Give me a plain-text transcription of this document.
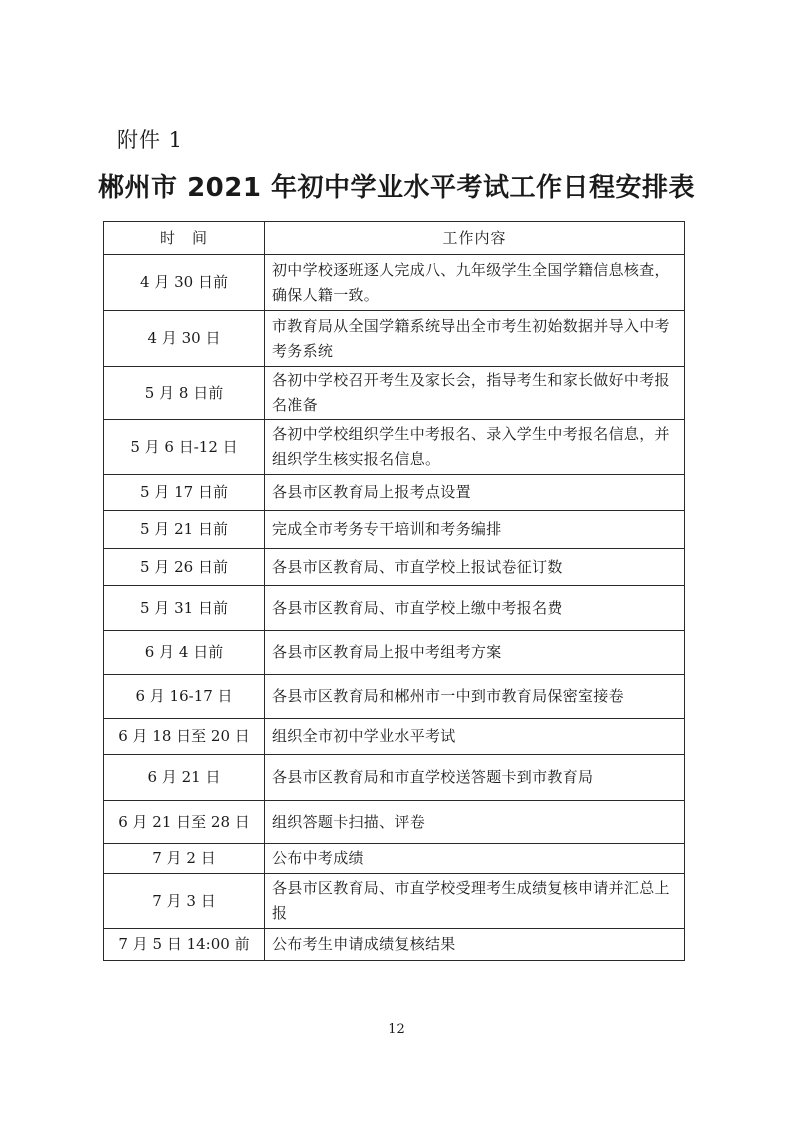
附件 1
郴州市 2021 年初中学业水平考试工作日程安排表
时　间	工作内容
4 月 30 日前	初中学校逐班逐人完成八、九年级学生全国学籍信息核查，确保人籍一致。
4 月 30 日	市教育局从全国学籍系统导出全市考生初始数据并导入中考考务系统
5 月 8 日前	各初中学校召开考生及家长会，指导考生和家长做好中考报名准备
5 月 6 日-12 日	各初中学校组织学生中考报名、录入学生中考报名信息，并组织学生核实报名信息。
5 月 17 日前	各县市区教育局上报考点设置
5 月 21 日前	完成全市考务专干培训和考务编排
5 月 26 日前	各县市区教育局、市直学校上报试卷征订数
5 月 31 日前	各县市区教育局、市直学校上缴中考报名费
6 月 4 日前	各县市区教育局上报中考组考方案
6 月 16-17 日	各县市区教育局和郴州市一中到市教育局保密室接卷
6 月 18 日至 20 日	组织全市初中学业水平考试
6 月 21 日	各县市区教育局和市直学校送答题卡到市教育局
6 月 21 日至 28 日	组织答题卡扫描、评卷
7 月 2 日	公布中考成绩
7 月 3 日	各县市区教育局、市直学校受理考生成绩复核申请并汇总上报
7 月 5 日 14:00 前	公布考生申请成绩复核结果
12
